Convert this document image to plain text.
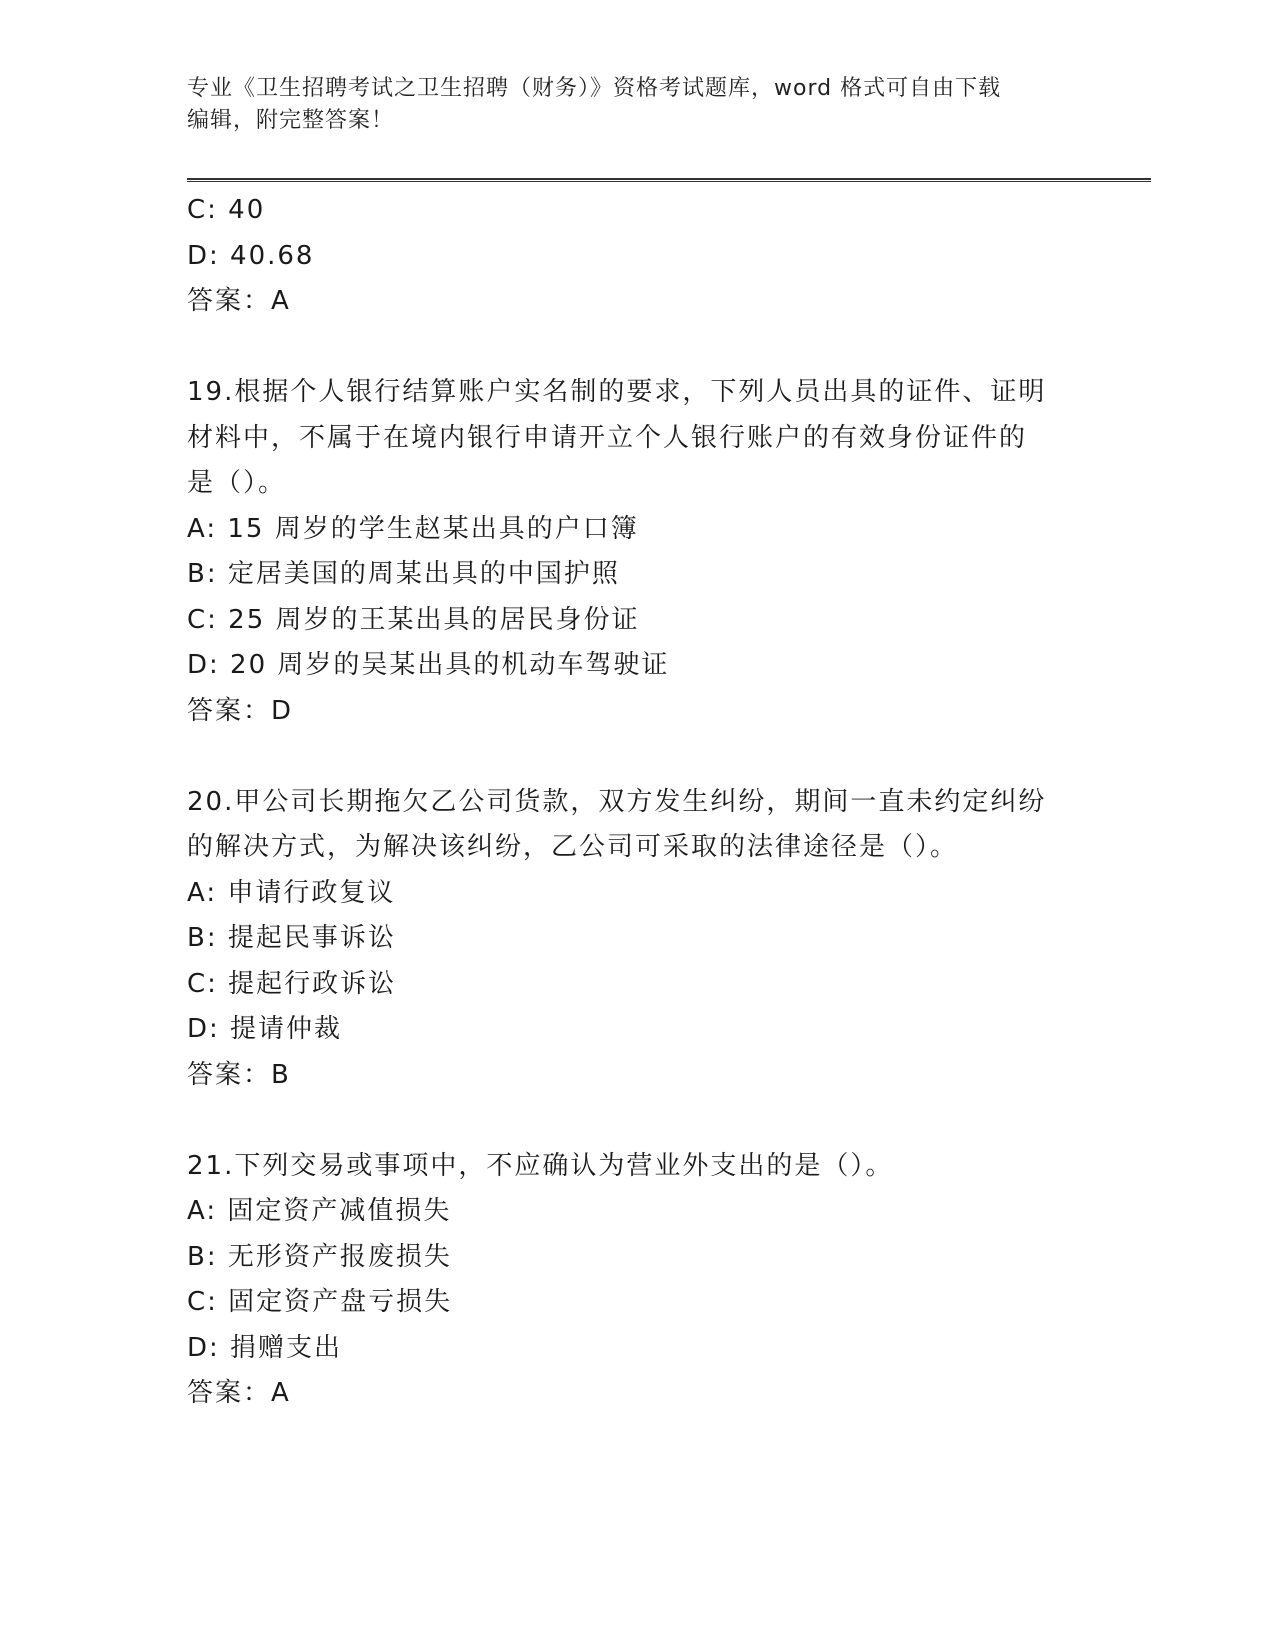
专业《卫生招聘考试之卫生招聘（财务）》资格考试题库，word 格式可自由下载
编辑，附完整答案！
C: 40
D: 40.68
答案：A
19.根据个人银行结算账户实名制的要求，下列人员出具的证件、证明
材料中，不属于在境内银行申请开立个人银行账户的有效身份证件的
是（）。
A: 15 周岁的学生赵某出具的户口簿
B: 定居美国的周某出具的中国护照
C: 25 周岁的王某出具的居民身份证
D: 20 周岁的吴某出具的机动车驾驶证
答案：D
20.甲公司长期拖欠乙公司货款，双方发生纠纷，期间一直未约定纠纷
的解决方式，为解决该纠纷，乙公司可采取的法律途径是（）。
A: 申请行政复议
B: 提起民事诉讼
C: 提起行政诉讼
D: 提请仲裁
答案：B
21.下列交易或事项中，不应确认为营业外支出的是（）。
A: 固定资产减值损失
B: 无形资产报废损失
C: 固定资产盘亏损失
D: 捐赠支出
答案：A
